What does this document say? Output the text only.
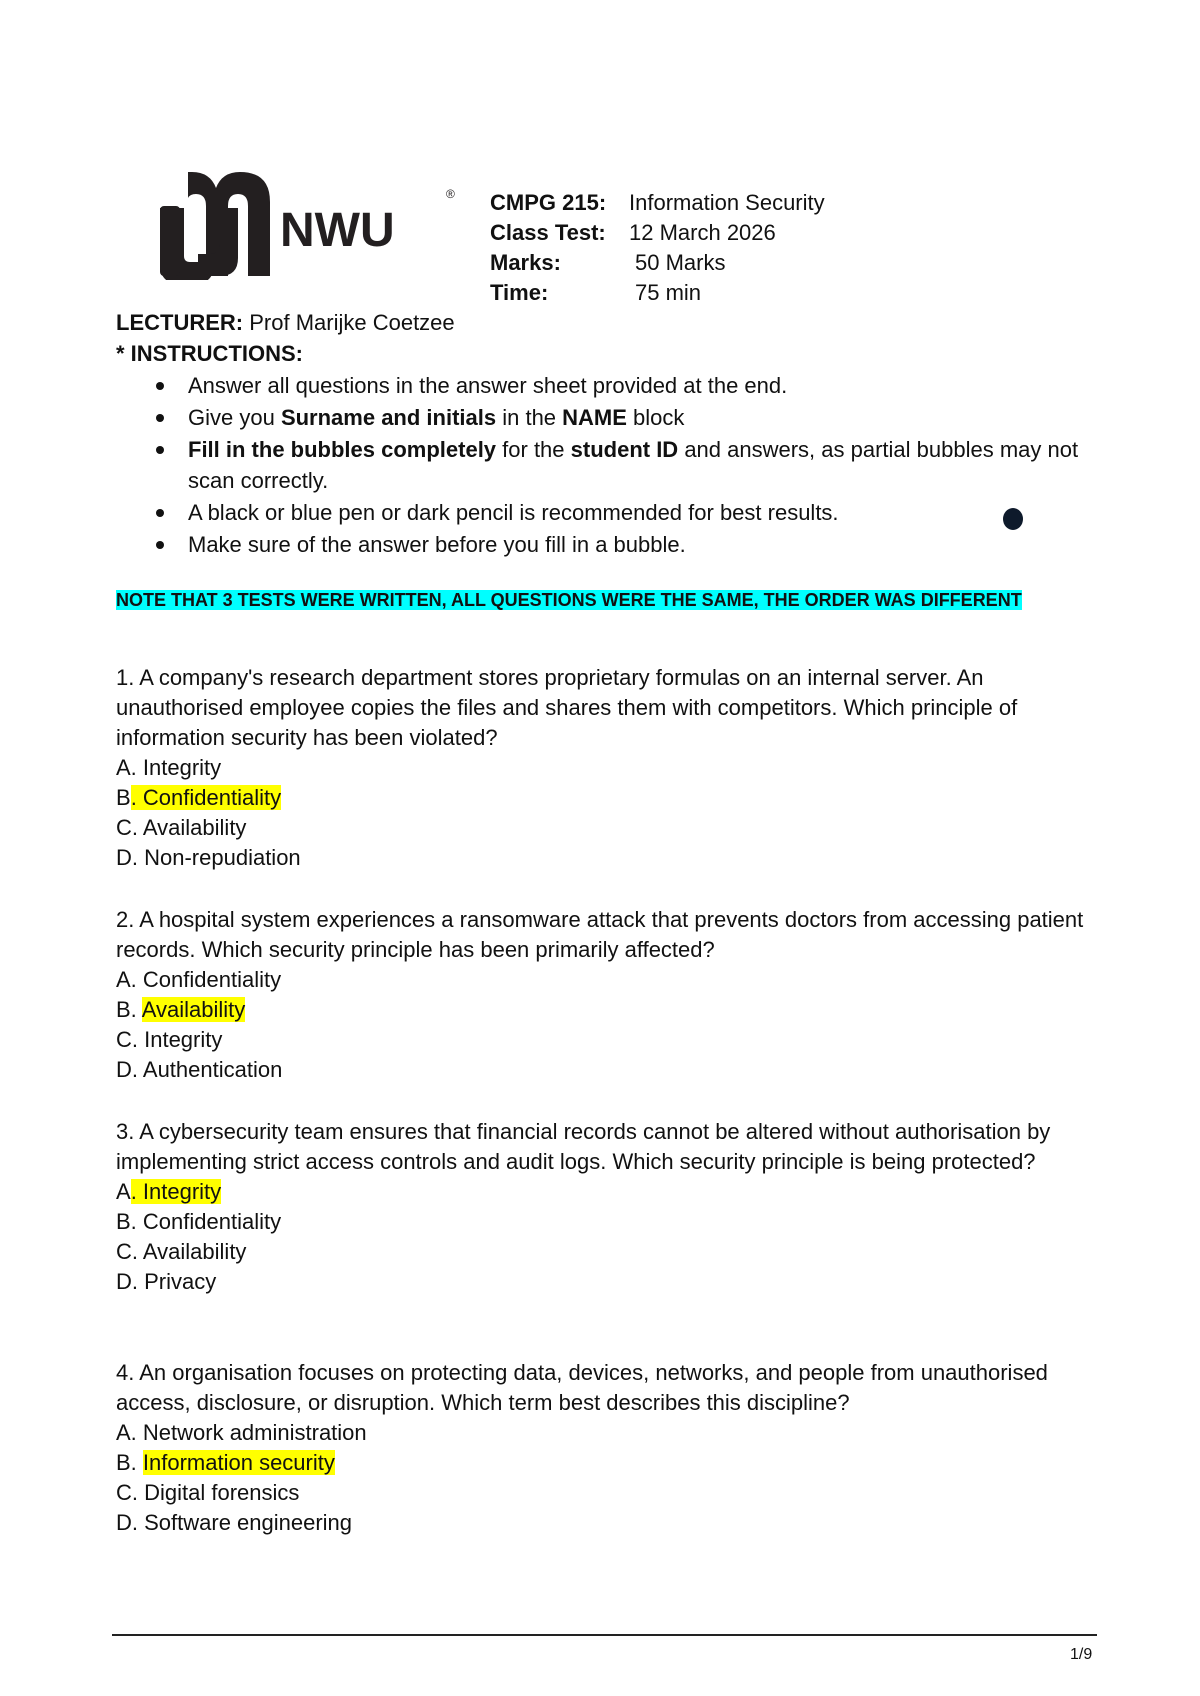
NWU
® CMPG 215:	Information Security
Class Test:	12 March 2026
Marks:	50 Marks
Time:	75 min
LECTURER: Prof Marijke Coetzee
* INSTRUCTIONS:
Answer all questions in the answer sheet provided at the end.
Give you Surname and initials in the NAME block
Fill in the bubbles completely for the student ID and answers, as partial bubbles may not scan correctly.
A black or blue pen or dark pencil is recommended for best results.
Make sure of the answer before you fill in a bubble.
NOTE THAT 3 TESTS WERE WRITTEN, ALL QUESTIONS WERE THE SAME, THE ORDER WAS DIFFERENT

1. A company's research department stores proprietary formulas on an internal server. An unauthorised employee copies the files and shares them with competitors. Which principle of information security has been violated?

A. Integrity

B. Confidentiality

C. Availability

D. Non-repudiation

2. A hospital system experiences a ransomware attack that prevents doctors from accessing patient records. Which security principle has been primarily affected?

A. Confidentiality

B. Availability

C. Integrity

D. Authentication

3. A cybersecurity team ensures that financial records cannot be altered without authorisation by implementing strict access controls and audit logs. Which security principle is being protected?

A. Integrity

B. Confidentiality

C. Availability

D. Privacy

4. An organisation focuses on protecting data, devices, networks, and people from unauthorised access, disclosure, or disruption. Which term best describes this discipline?

A. Network administration

B. Information security

C. Digital forensics

D. Software engineering

1/9
